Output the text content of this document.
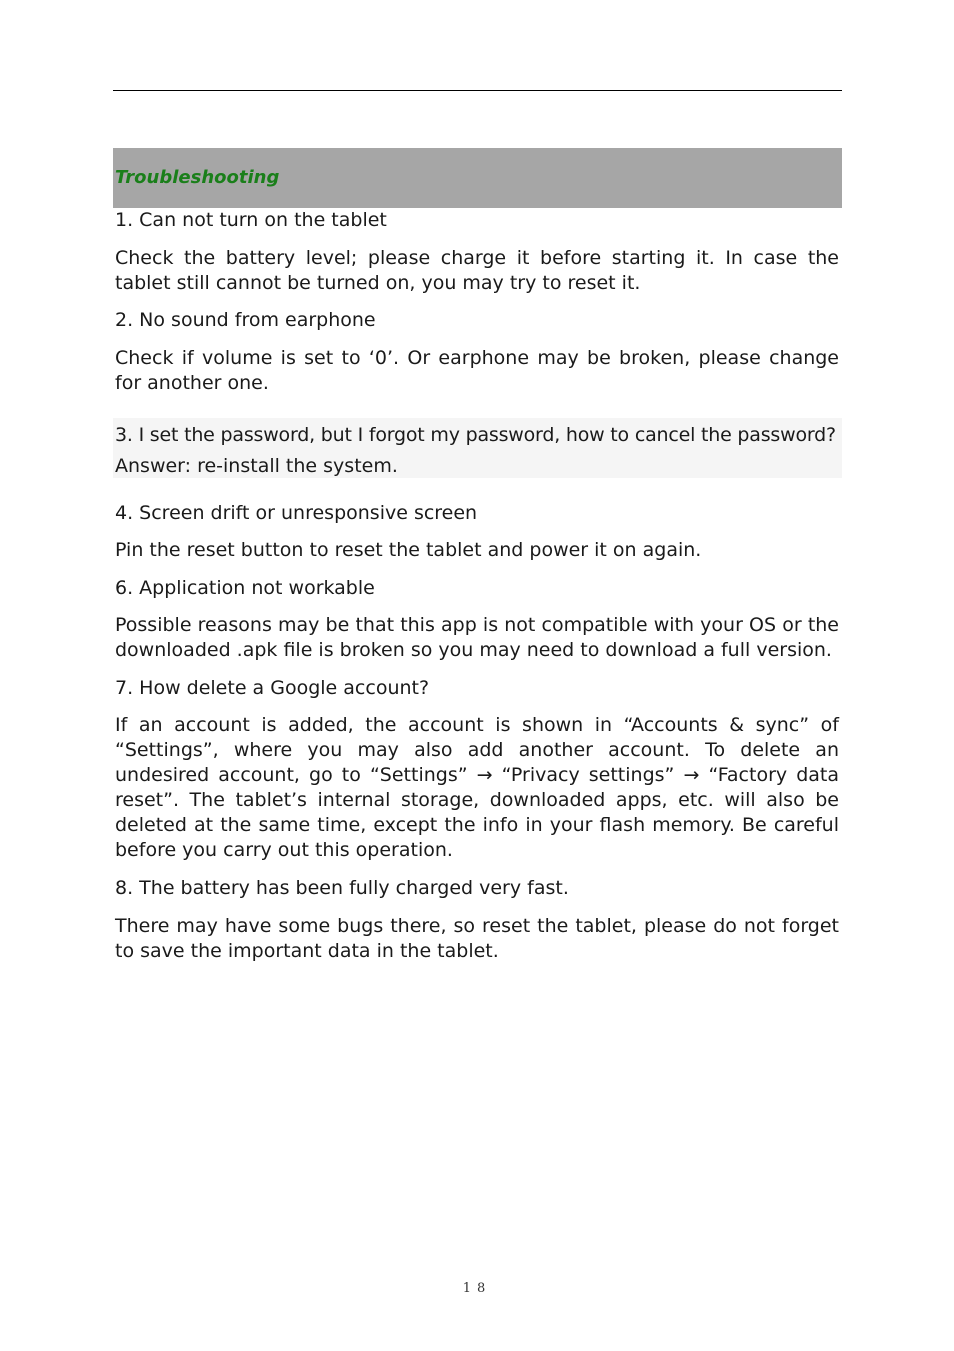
Troubleshooting
1. Can not turn on the tablet
Check the battery level; please charge it before starting it. In case the tablet still cannot be turned on, you may try to reset it.
2. No sound from earphone
Check if volume is set to ‘0’. Or earphone may be broken, please change for another one.
3. I set the password, but I forgot my password, how to cancel the password?
Answer: re-install the system.
4. Screen drift or unresponsive screen
Pin the reset button to reset the tablet and power it on again.
6. Application not workable
Possible reasons may be that this app is not compatible with your OS or the downloaded .apk file is broken so you may need to download a full version.
7. How delete a Google account?
If an account is added, the account is shown in “Accounts & sync” of “Settings”, where you may also add another account. To delete an undesired account, go to “Settings” → “Privacy settings” → “Factory data reset”. The tablet’s internal storage, downloaded apps, etc. will also be deleted at the same time, except the info in your flash memory. Be careful before you carry out this operation.
8. The battery has been fully charged very fast.
There may have some bugs there, so reset the tablet, please do not forget to save the important data in the tablet.
18
